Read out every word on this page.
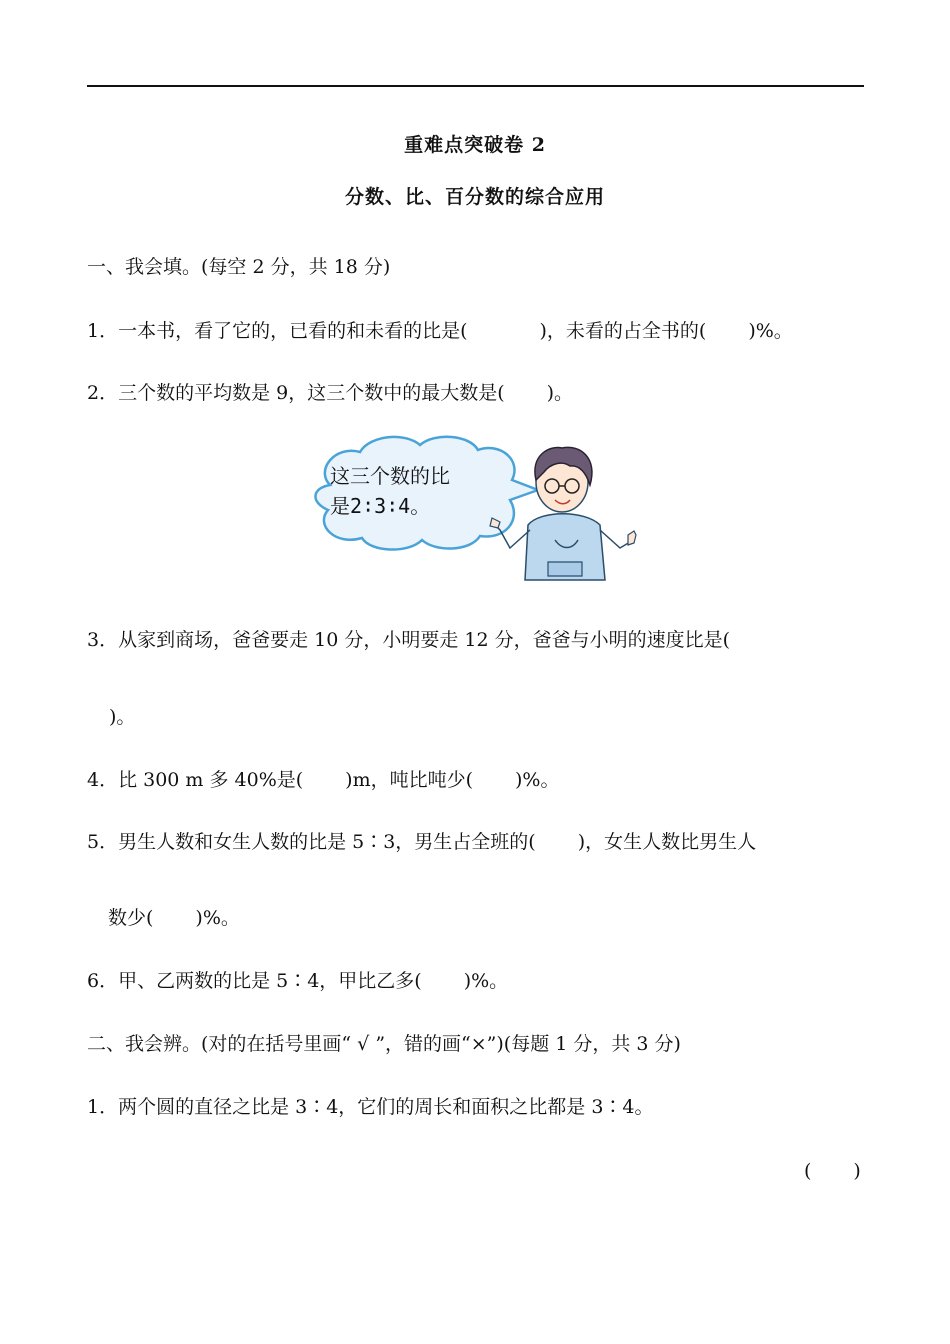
重难点突破卷 2
分数、比、百分数的综合应用
一、我会填。(每空 2 分，共 18 分)
1．一本书，看了它的，已看的和未看的比是(	)，未看的占全书的( )%。
2．三个数的平均数是 9，这三个数中的最大数是( )。
这三个数的比
是2∶3∶4。
3．从家到商场，爸爸要走 10 分，小明要走 12 分，爸爸与小明的速度比是(
)。
4．比 300 m 多 40%是( )m，吨比吨少( )%。
5．男生人数和女生人数的比是 5∶3，男生占全班的( )，女生人数比男生人
数少( )%。
6．甲、乙两数的比是 5∶4，甲比乙多( )%。
二、我会辨。(对的在括号里画“ √ ”，错的画“×”)(每题 1 分，共 3 分)
1．两个圆的直径之比是 3∶4，它们的周长和面积之比都是 3∶4。
( )
